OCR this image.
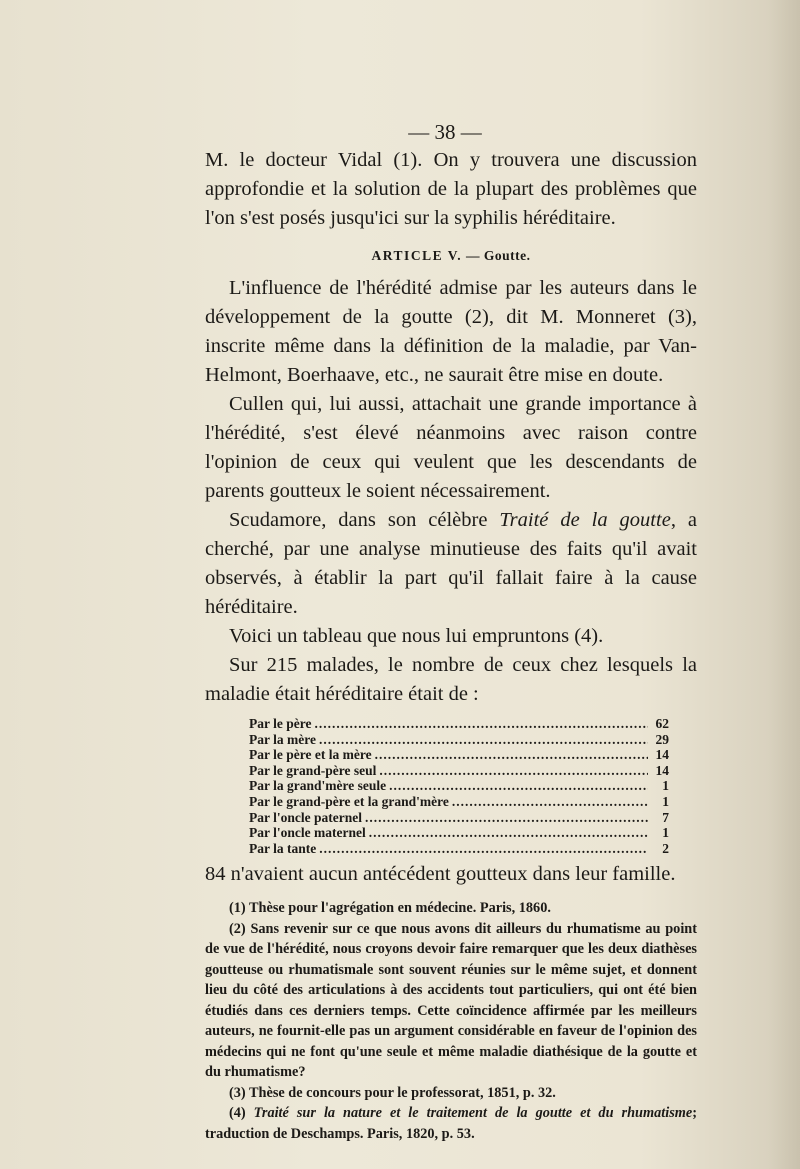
— 38 —

M. le docteur Vidal (1). On y trouvera une discussion approfondie et la solution de la plupart des problèmes que l'on s'est posés jusqu'ici sur la syphilis héréditaire.

ARTICLE V. — Goutte.

L'influence de l'hérédité admise par les auteurs dans le développement de la goutte (2), dit M. Monneret (3), inscrite même dans la définition de la maladie, par Van-Helmont, Boerhaave, etc., ne saurait être mise en doute.

Cullen qui, lui aussi, attachait une grande importance à l'hérédité, s'est élevé néanmoins avec raison contre l'opinion de ceux qui veulent que les descendants de parents goutteux le soient nécessairement.

Scudamore, dans son célèbre Traité de la goutte, a cherché, par une analyse minutieuse des faits qu'il avait observés, à établir la part qu'il fallait faire à la cause héréditaire.

Voici un tableau que nous lui empruntons (4).

Sur 215 malades, le nombre de ceux chez lesquels la maladie était héréditaire était de :

Par le père .....	62
Par la mère .....	29
Par le père et la mère .....	14
Par le grand-père seul .....	14
Par la grand'mère seule .....	1
Par le grand-père et la grand'mère .....	1
Par l'oncle paternel .....	7
Par l'oncle maternel .....	1
Par la tante .....	2

84 n'avaient aucun antécédent goutteux dans leur famille.

(1) Thèse pour l'agrégation en médecine. Paris, 1860.

(2) Sans revenir sur ce que nous avons dit ailleurs du rhumatisme au point de vue de l'hérédité, nous croyons devoir faire remarquer que les deux diathèses goutteuse ou rhumatismale sont souvent réunies sur le même sujet, et donnent lieu du côté des articulations à des accidents tout particuliers, qui ont été bien étudiés dans ces derniers temps. Cette coïncidence affirmée par les meilleurs auteurs, ne fournit-elle pas un argument considérable en faveur de l'opinion des médecins qui ne font qu'une seule et même maladie diathésique de la goutte et du rhumatisme?

(3) Thèse de concours pour le professorat, 1851, p. 32.

(4) Traité sur la nature et le traitement de la goutte et du rhumatisme; traduction de Deschamps. Paris, 1820, p. 53.
